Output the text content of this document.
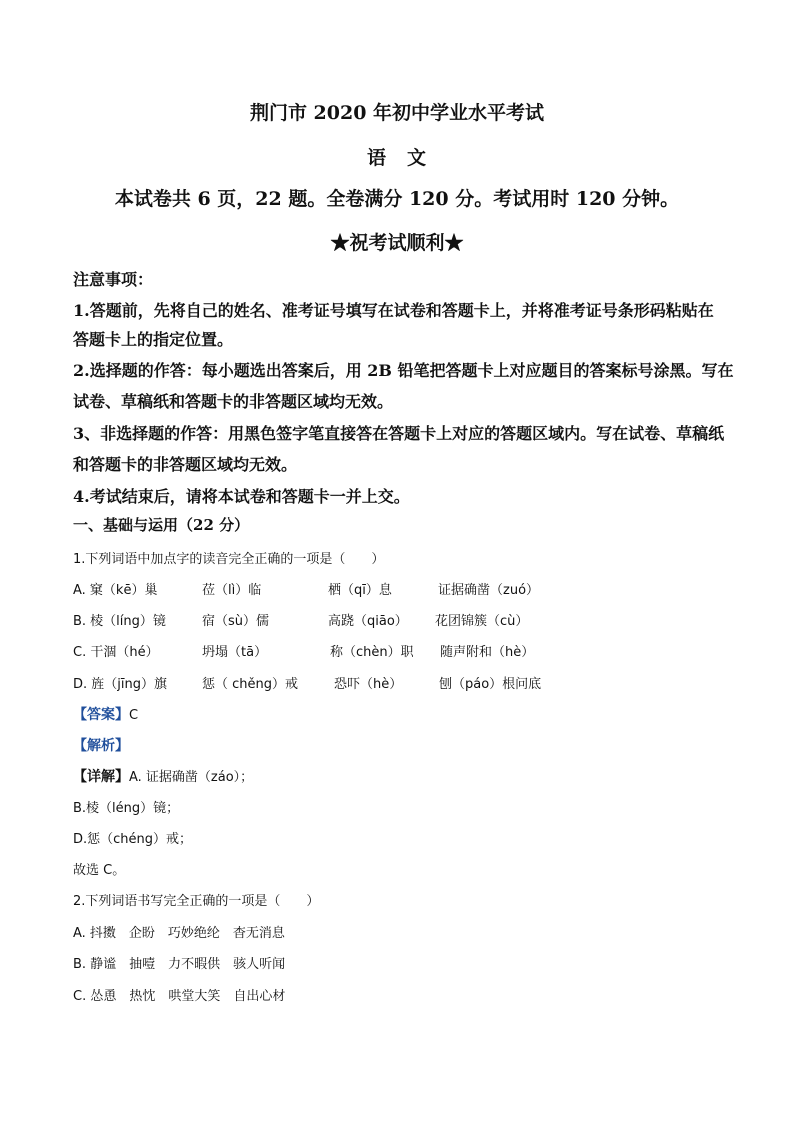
荆门市 2020 年初中学业水平考试
语　文
本试卷共 6 页，22 题。全卷满分 120 分。考试用时 120 分钟。
★祝考试顺利★
注意事项：
1.答题前，先将自己的姓名、准考证号填写在试卷和答题卡上，并将准考证号条形码粘贴在
答题卡上的指定位置。
2.选择题的作答：每小题选出答案后，用 2B 铅笔把答题卡上对应题目的答案标号涂黑。写在
试卷、草稿纸和答题卡的非答题区域均无效。
3、非选择题的作答：用黑色签字笔直接答在答题卡上对应的答题区域内。写在试卷、草稿纸
和答题卡的非答题区域均无效。
4.考试结束后，请将本试卷和答题卡一并上交。
一、基础与运用（22 分）
1.下列词语中加点字的读音完全正确的一项是（　　）
A. 窠（kē）巢	莅（lì）临	栖（qī）息	证据确凿（zuó）
B. 棱（líng）镜	宿（sù）儒	高跷（qiāo） 花团锦簇（cù）
C. 干涸（hé）	坍塌（tā）	称（chèn）职 随声附和（hè）
D. 旌（jīng）旗	惩（ chěng）戒	恐吓（hè）	刨（páo）根问底
【答案】C
【解析】
【详解】A. 证据确凿（záo）；
B.棱（léng）镜；
D.惩（chéng）戒；
故选 C。
2.下列词语书写完全正确的一项是（　　）
A. 抖擞　企盼　巧妙绝纶　杳无消息
B. 静谧　抽噎　力不暇供　骇人听闻
C. 怂恿　热忱　哄堂大笑　自出心材
